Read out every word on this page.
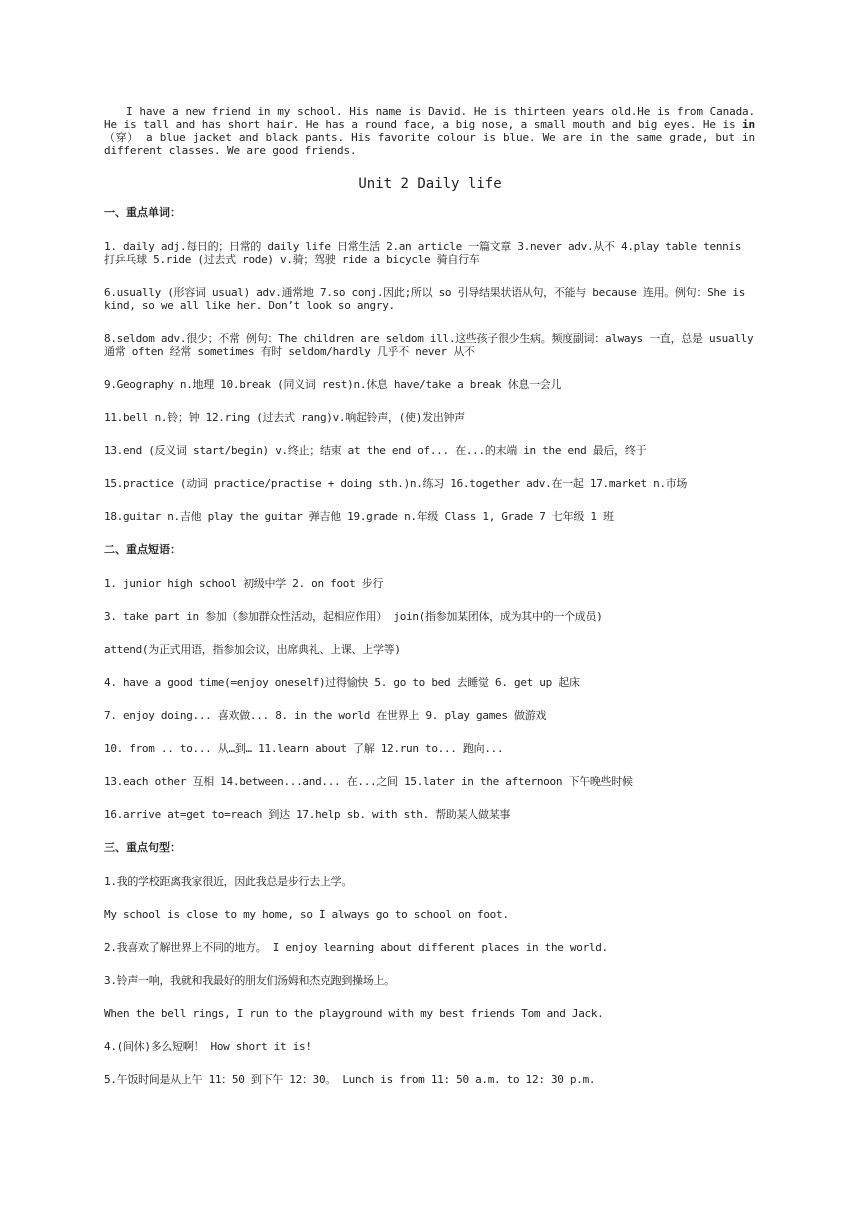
I have a new friend in my school. His name is David. He is thirteen years old.He is from Canada. He is tall and has short hair. He has a round face, a big nose, a small mouth and big eyes. He is in（穿） a blue jacket and black pants. His favorite colour is blue. We are in the same grade, but in different classes. We are good friends.

Unit 2 Daily life
一、重点单词：
1. daily adj.每日的；日常的 daily life 日常生活 2.an article 一篇文章 3.never adv.从不 4.play table tennis 打乒乓球 5.ride (过去式 rode) v.骑；驾驶 ride a bicycle 骑自行车
6.usually (形容词 usual) adv.通常地 7.so conj.因此;所以 so 引导结果状语从句，不能与 because 连用。例句：She is kind, so we all like her. Don’t look so angry.
8.seldom adv.很少；不常 例句：The children are seldom ill.这些孩子很少生病。频度副词：always 一直，总是 usually 通常 often 经常 sometimes 有时 seldom/hardly 几乎不 never 从不
9.Geography n.地理 10.break (同义词 rest)n.休息 have/take a break 休息一会儿
11.bell n.铃；钟 12.ring (过去式 rang)v.响起铃声，(使)发出钟声
13.end (反义词 start/begin) v.终止；结束 at the end of... 在...的末端 in the end 最后，终于
15.practice (动词 practice/practise + doing sth.)n.练习 16.together adv.在一起 17.market n.市场
18.guitar n.吉他 play the guitar 弹吉他 19.grade n.年级 Class 1, Grade 7 七年级 1 班
二、重点短语：
1. junior high school 初级中学 2. on foot 步行
3. take part in 参加（参加群众性活动，起相应作用） join(指参加某团体，成为其中的一个成员)
attend(为正式用语，指参加会议，出席典礼、上课、上学等)
4. have a good time(=enjoy oneself)过得愉快 5. go to bed 去睡觉 6. get up 起床
7. enjoy doing... 喜欢做... 8. in the world 在世界上 9. play games 做游戏
10. from .. to... 从…到… 11.learn about 了解 12.run to... 跑向...
13.each other 互相 14.between...and... 在...之间 15.later in the afternoon 下午晚些时候
16.arrive at=get to=reach 到达 17.help sb. with sth. 帮助某人做某事
三、重点句型：
1.我的学校距离我家很近，因此我总是步行去上学。
My school is close to my home, so I always go to school on foot.
2.我喜欢了解世界上不同的地方。 I enjoy learning about different places in the world.
3.铃声一响，我就和我最好的朋友们汤姆和杰克跑到操场上。
When the bell rings, I run to the playground with my best friends Tom and Jack.
4.(间休)多么短啊！ How short it is!
5.午饭时间是从上午 11：50 到下午 12：30。 Lunch is from 11: 50 a.m. to 12: 30 p.m.
